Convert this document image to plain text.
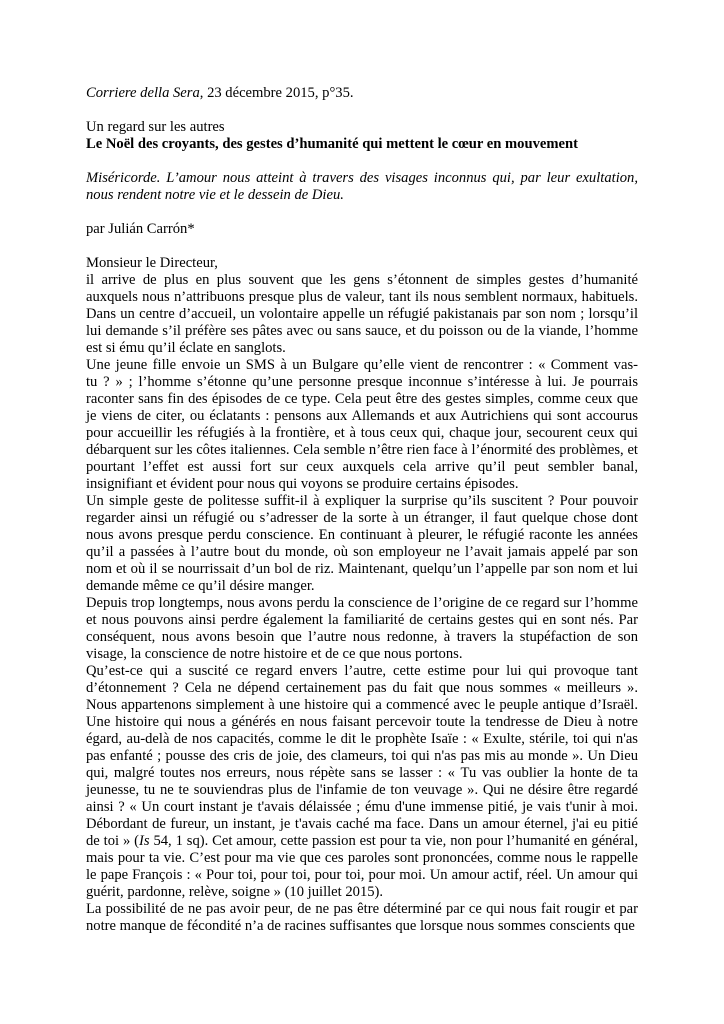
Corriere della Sera, 23 décembre 2015, p°35.

Un regard sur les autres

Le Noël des croyants, des gestes d’humanité qui mettent le cœur en mouvement

Miséricorde. L’amour nous atteint à travers des visages inconnus qui, par leur exultation, nous rendent notre vie et le dessein de Dieu.

par Julián Carrón*

Monsieur le Directeur,

il arrive de plus en plus souvent que les gens s’étonnent de simples gestes d’humanité auxquels nous n’attribuons presque plus de valeur, tant ils nous semblent normaux, habituels. Dans un centre d’accueil, un volontaire appelle un réfugié pakistanais par son nom ; lorsqu’il lui demande s’il préfère ses pâtes avec ou sans sauce, et du poisson ou de la viande, l’homme est si ému qu’il éclate en sanglots.

Une jeune fille envoie un SMS à un Bulgare qu’elle vient de rencontrer : « Comment vas-tu ? » ; l’homme s’étonne qu’une personne presque inconnue s’intéresse à lui. Je pourrais raconter sans fin des épisodes de ce type. Cela peut être des gestes simples, comme ceux que je viens de citer, ou éclatants : pensons aux Allemands et aux Autrichiens qui sont accourus pour accueillir les réfugiés à la frontière, et à tous ceux qui, chaque jour, secourent ceux qui débarquent sur les côtes italiennes. Cela semble n’être rien face à l’énormité des problèmes, et pourtant l’effet est aussi fort sur ceux auxquels cela arrive qu’il peut sembler banal, insignifiant et évident pour nous qui voyons se produire certains épisodes.

Un simple geste de politesse suffit-il à expliquer la surprise qu’ils suscitent ? Pour pouvoir regarder ainsi un réfugié ou s’adresser de la sorte à un étranger, il faut quelque chose dont nous avons presque perdu conscience. En continuant à pleurer, le réfugié raconte les années qu’il a passées à l’autre bout du monde, où son employeur ne l’avait jamais appelé par son nom et où il se nourrissait d’un bol de riz. Maintenant, quelqu’un l’appelle par son nom et lui demande même ce qu’il désire manger.

Depuis trop longtemps, nous avons perdu la conscience de l’origine de ce regard sur l’homme et nous pouvons ainsi perdre également la familiarité de certains gestes qui en sont nés. Par conséquent, nous avons besoin que l’autre nous redonne, à travers la stupéfaction de son visage, la conscience de notre histoire et de ce que nous portons.

Qu’est-ce qui a suscité ce regard envers l’autre, cette estime pour lui qui provoque tant d’étonnement ? Cela ne dépend certainement pas du fait que nous sommes « meilleurs ». Nous appartenons simplement à une histoire qui a commencé avec le peuple antique d’Israël. Une histoire qui nous a générés en nous faisant percevoir toute la tendresse de Dieu à notre égard, au-delà de nos capacités, comme le dit le prophète Isaïe : « Exulte, stérile, toi qui n'as pas enfanté ; pousse des cris de joie, des clameurs, toi qui n'as pas mis au monde ». Un Dieu qui, malgré toutes nos erreurs, nous répète sans se lasser : « Tu vas oublier la honte de ta jeunesse, tu ne te souviendras plus de l'infamie de ton veuvage ». Qui ne désire être regardé ainsi ? « Un court instant je t'avais délaissée ; ému d'une immense pitié, je vais t'unir à moi. Débordant de fureur, un instant, je t'avais caché ma face. Dans un amour éternel, j'ai eu pitié de toi » (Is 54, 1 sq). Cet amour, cette passion est pour ta vie, non pour l’humanité en général, mais pour ta vie. C’est pour ma vie que ces paroles sont prononcées, comme nous le rappelle le pape François : « Pour toi, pour toi, pour toi, pour moi. Un amour actif, réel. Un amour qui guérit, pardonne, relève, soigne » (10 juillet 2015).

La possibilité de ne pas avoir peur, de ne pas être déterminé par ce qui nous fait rougir et par notre manque de fécondité n’a de racines suffisantes que lorsque nous sommes conscients que
